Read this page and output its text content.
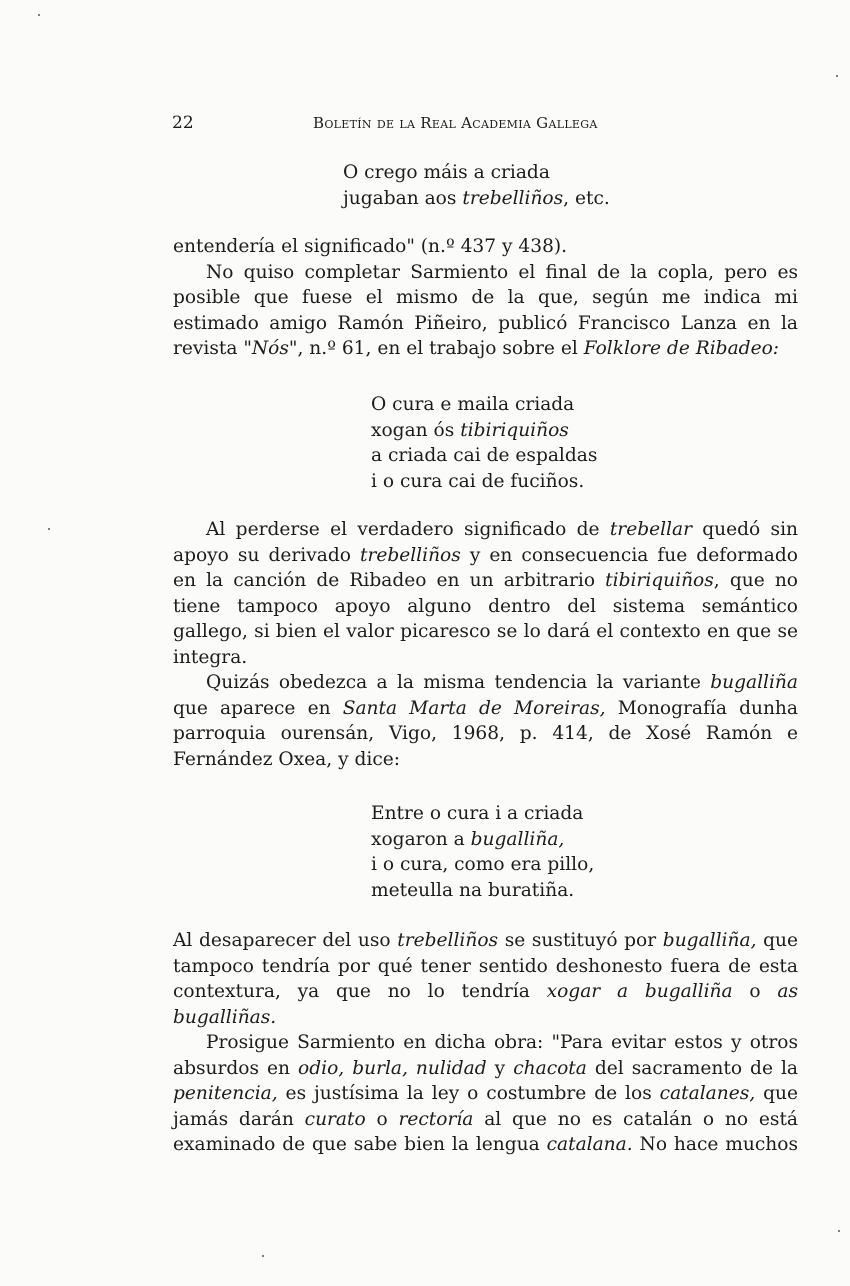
22	Boletín de la Real Academia Gallega
O crego máis a criada
jugaban aos trebelliños, etc.

entendería el significado" (n.º 437 y 438).

No quiso completar Sarmiento el final de la copla, pero es posible que fuese el mismo de la que, según me indica mi estimado amigo Ramón Piñeiro, publicó Francisco Lanza en la revista "Nós", n.º 61, en el trabajo sobre el Folklore de Ribadeo:

O cura e maila criada
xogan ós tibiriquiños
a criada cai de espaldas
i o cura cai de fuciños.

Al perderse el verdadero significado de trebellar quedó sin apoyo su derivado trebelliños y en consecuencia fue deformado en la canción de Ribadeo en un arbitrario tibiriquiños, que no tiene tampoco apoyo alguno dentro del sistema semántico gallego, si bien el valor picaresco se lo dará el contexto en que se integra.

Quizás obedezca a la misma tendencia la variante bugalliña que aparece en Santa Marta de Moreiras, Monografía dunha parroquia ourensán, Vigo, 1968, p. 414, de Xosé Ramón e Fernández Oxea, y dice:

Entre o cura i a criada
xogaron a bugalliña,
i o cura, como era pillo,
meteulla na buratiña.

Al desaparecer del uso trebelliños se sustituyó por bugalliña, que tampoco tendría por qué tener sentido deshonesto fuera de esta contextura, ya que no lo tendría xogar a bugalliña o as bugalliñas.

Prosigue Sarmiento en dicha obra: "Para evitar estos y otros absurdos en odio, burla, nulidad y chacota del sacramento de la penitencia, es justísima la ley o costumbre de los catalanes, que jamás darán curato o rectoría al que no es catalán o no está examinado de que sabe bien la lengua catalana. No hace muchos
